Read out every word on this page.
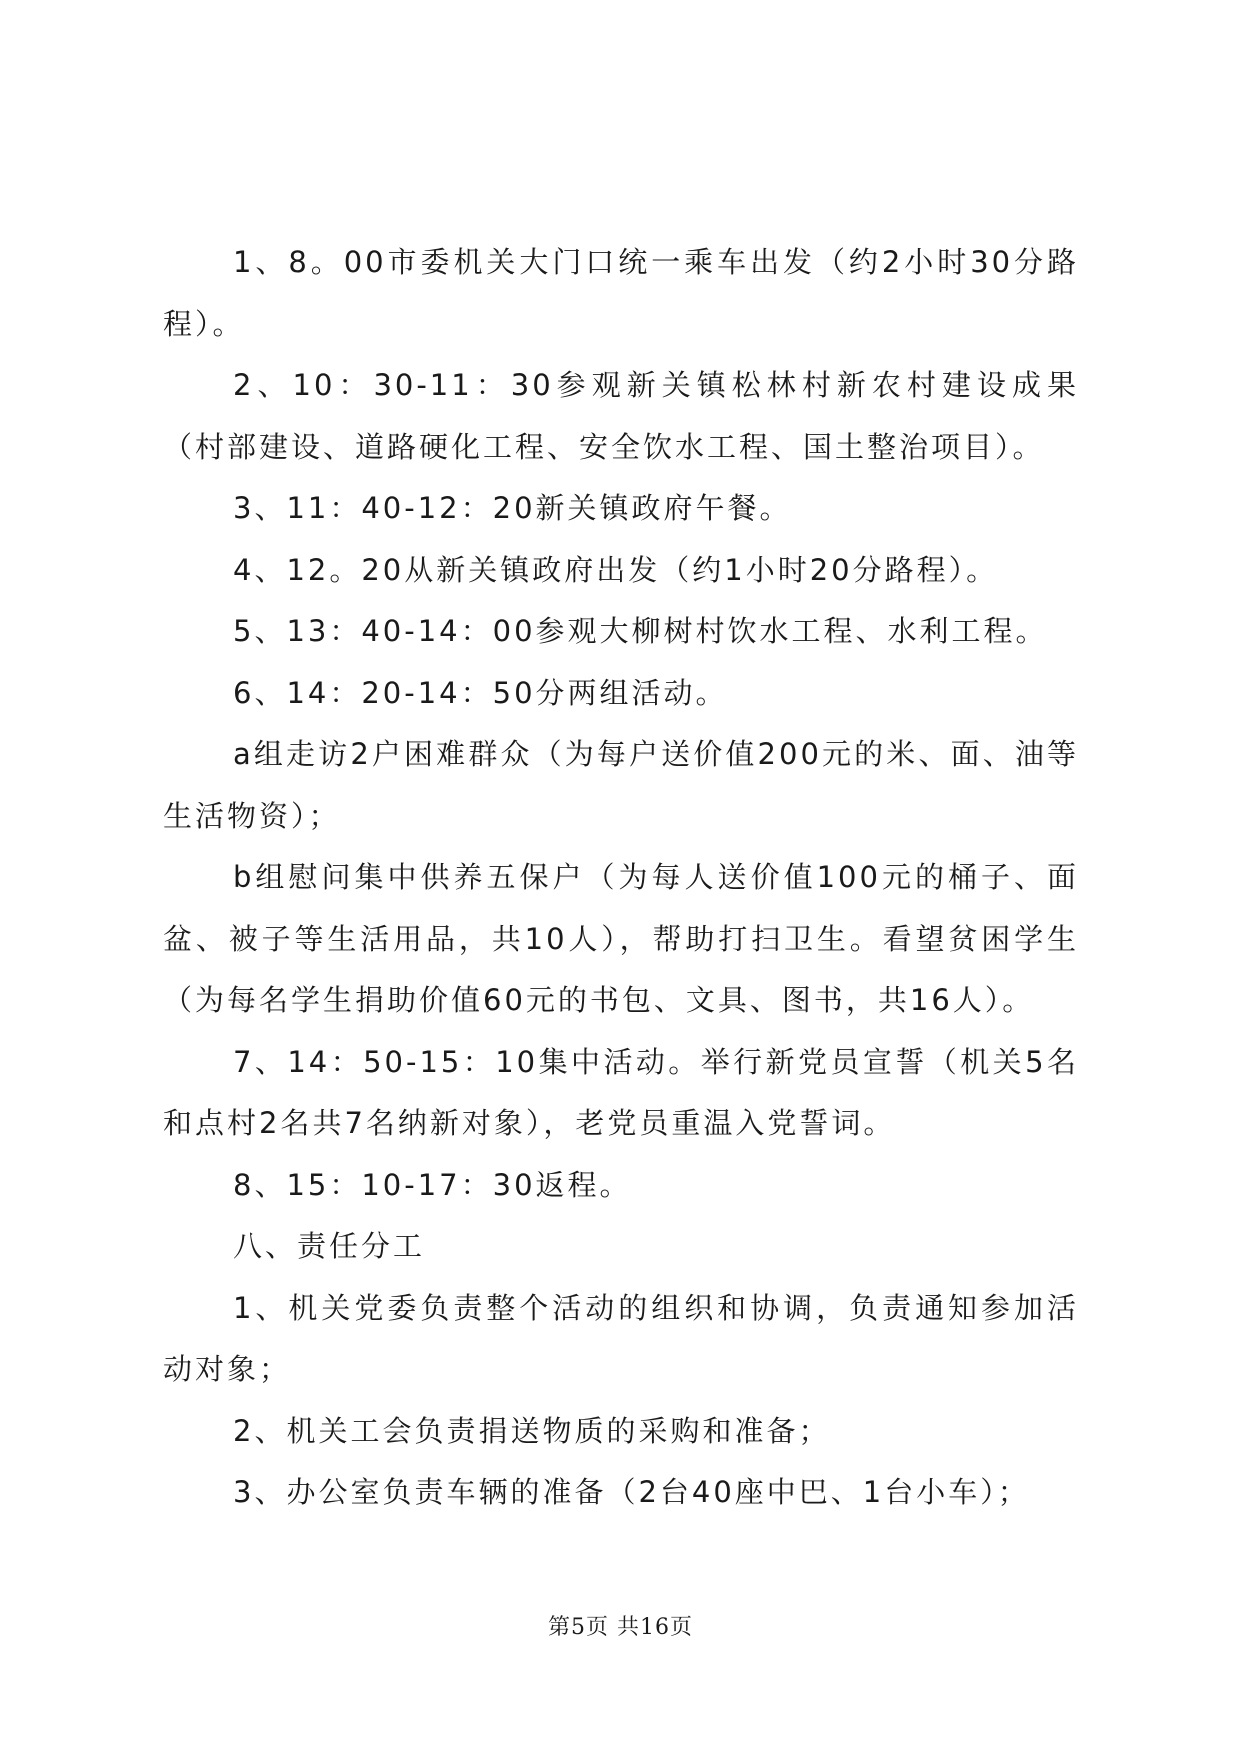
1、8。00市委机关大门口统一乘车出发（约2小时30分路程）。

2、10：30-11：30参观新关镇松林村新农村建设成果（村部建设、道路硬化工程、安全饮水工程、国土整治项目）。

3、11：40-12：20新关镇政府午餐。

4、12。20从新关镇政府出发（约1小时20分路程）。

5、13：40-14：00参观大柳树村饮水工程、水利工程。

6、14：20-14：50分两组活动。

a组走访2户困难群众（为每户送价值200元的米、面、油等生活物资）；

b组慰问集中供养五保户（为每人送价值100元的桶子、面盆、被子等生活用品，共10人），帮助打扫卫生。看望贫困学生（为每名学生捐助价值60元的书包、文具、图书，共16人）。

7、14：50-15：10集中活动。举行新党员宣誓（机关5名和点村2名共7名纳新对象），老党员重温入党誓词。

8、15：10-17：30返程。

八、责任分工

1、机关党委负责整个活动的组织和协调，负责通知参加活动对象；

2、机关工会负责捐送物质的采购和准备；

3、办公室负责车辆的准备（2台40座中巴、1台小车）；

第5页 共16页
